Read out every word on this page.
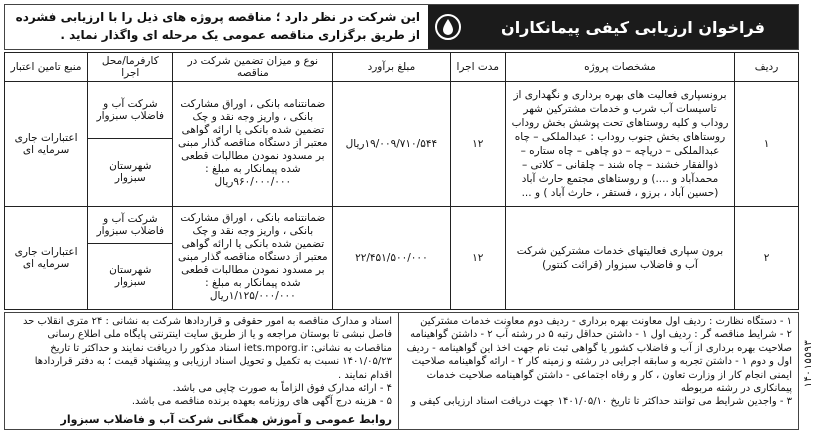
فراخوان ارزیابی کیفی پیمانکاران
این شرکت در نظر دارد ؛ مناقصه پروژه های ذیل را با ارزیابی فشرده از طریق برگزاری مناقصه عمومی یک مرحله ای واگذار نماید .
ردیف	مشخصات پروژه	مدت اجرا	مبلغ برآورد	نوع و میزان تضمین شرکت در مناقصه	کارفرما/محل اجرا	منبع تامین اعتبار
۱	برونسپاری فعالیت های بهره برداری و نگهداری از تاسیسات آب شرب و خدمات مشترکین شهر روداب و کلیه روستاهای تحت پوشش بخش روداب روستاهای بخش جنوب روداب : عبدالملکی – چاه عبدالملکی – دریاچه – دو چاهی – چاه ستاره – ذوالفقار خشند – چاه شند – چلقانی – کلاتی – محمدآباد و ....) و روستاهای مجتمع حارث آباد (حسین آباد ، برزو ، فستقر ، حارث آباد ) و ...	۱۲	۱۹/۰۰۹/۷۱۰/۵۴۴ریال	ضمانتنامه بانکی ، اوراق مشارکت بانکی ، واریز وجه نقد و چک تضمین شده بانکی یا ارائه گواهی معتبر از دستگاه مناقصه گذار مبنی بر مسدود نمودن مطالبات قطعی شده پیمانکار به مبلغ : ۹۶۰/۰۰۰/۰۰۰ریال	شرکت آب و فاضلاب سبزوار	اعتبارات جاری سرمایه ای
					شهرستان سبزوار	
۲	برون سپاری فعالیتهای خدمات مشترکین شرکت آب و فاضلاب سبزوار (قرائت کنتور)	۱۲	۲۲/۴۵۱/۵۰۰/۰۰۰	ضمانتنامه بانکی ، اوراق مشارکت بانکی ، واریز وجه نقد و چک تضمین شده بانکی یا ارائه گواهی معتبر از دستگاه مناقصه گذار مبنی بر مسدود نمودن مطالبات قطعی شده پیمانکار به مبلغ : ۱/۱۲۵/۰۰۰/۰۰۰ریال	شرکت آب و فاضلاب سبزوار	اعتبارات جاری سرمایه ای
					شهرستان سبزوار	
۱ - دستگاه نظارت : ردیف اول معاونت بهره برداری - ردیف دوم معاونت خدمات مشترکین
۲ - شرایط مناقصه گر : ردیف اول ۱ - داشتن حداقل رتبه ۵ در رشته آب ۲ - داشتن گواهینامه صلاحیت بهره برداری از آب و فاضلاب کشور یا گواهی ثبت نام جهت اخذ این گواهینامه - ردیف اول و دوم ۱ - داشتن تجربه و سابقه اجرایی در رشته و زمینه کار ۲ - ارائه گواهینامه صلاحیت ایمنی انجام کار از وزارت تعاون ، کار و رفاه اجتماعی - داشتن گواهینامه صلاحیت خدمات پیمانکاری در رشته مربوطه
۳ - واجدین شرایط می توانند حداکثر تا تاریخ ۱۴۰۱/۰۵/۱۰ جهت دریافت اسناد ارزیابی کیفی و
اسناد و مدارک مناقصه به امور حقوقی و قراردادها شرکت به نشانی : ۲۴ متری انقلاب حد فاصل نبشی تا بوستان مراجعه و یا از طریق سایت اینترنتی پایگاه ملی اطلاع رسانی مناقصات به نشانی: iets.mporg.ir اسناد مذکور را دریافت نمایند و حداکثر تا تاریخ ۱۴۰۱/۰۵/۲۳ نسبت به تکمیل و تحویل اسناد ارزیابی و پیشنهاد قیمت ؛ به دفتر قراردادها اقدام نمایند .
۴ - ارائه مدارک فوق الزاماً به صورت چاپی می باشد.
۵ - هزینه درج آگهی های روزنامه بعهده برنده مناقصه می باشد.
روابط عمومی و آموزش همگانی شرکت آب و فاضلاب سبزوار
۱۴۰۱۵۵۹۳
